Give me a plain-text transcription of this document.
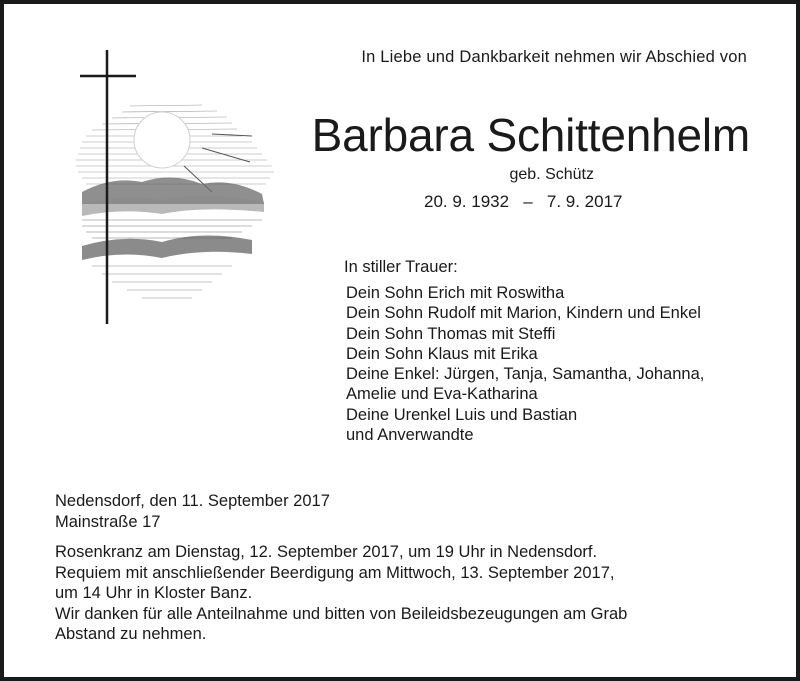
In Liebe und Dankbarkeit nehmen wir Abschied von
Barbara Schittenhelm
geb. Schütz
20. 9. 1932   –   7. 9. 2017
In stiller Trauer:
Dein Sohn Erich mit Roswitha
Dein Sohn Rudolf mit Marion, Kindern und Enkel
Dein Sohn Thomas mit Steffi
Dein Sohn Klaus mit Erika
Deine Enkel: Jürgen, Tanja, Samantha, Johanna,
Amelie und Eva-Katharina
Deine Urenkel Luis und Bastian
und Anverwandte
Nedensdorf, den 11. September 2017
Mainstraße 17
Rosenkranz am Dienstag, 12. September 2017, um 19 Uhr in Nedensdorf.
Requiem mit anschließender Beerdigung am Mittwoch, 13. September 2017,
um 14 Uhr in Kloster Banz.
Wir danken für alle Anteilnahme und bitten von Beileidsbezeugungen am Grab
Abstand zu nehmen.
